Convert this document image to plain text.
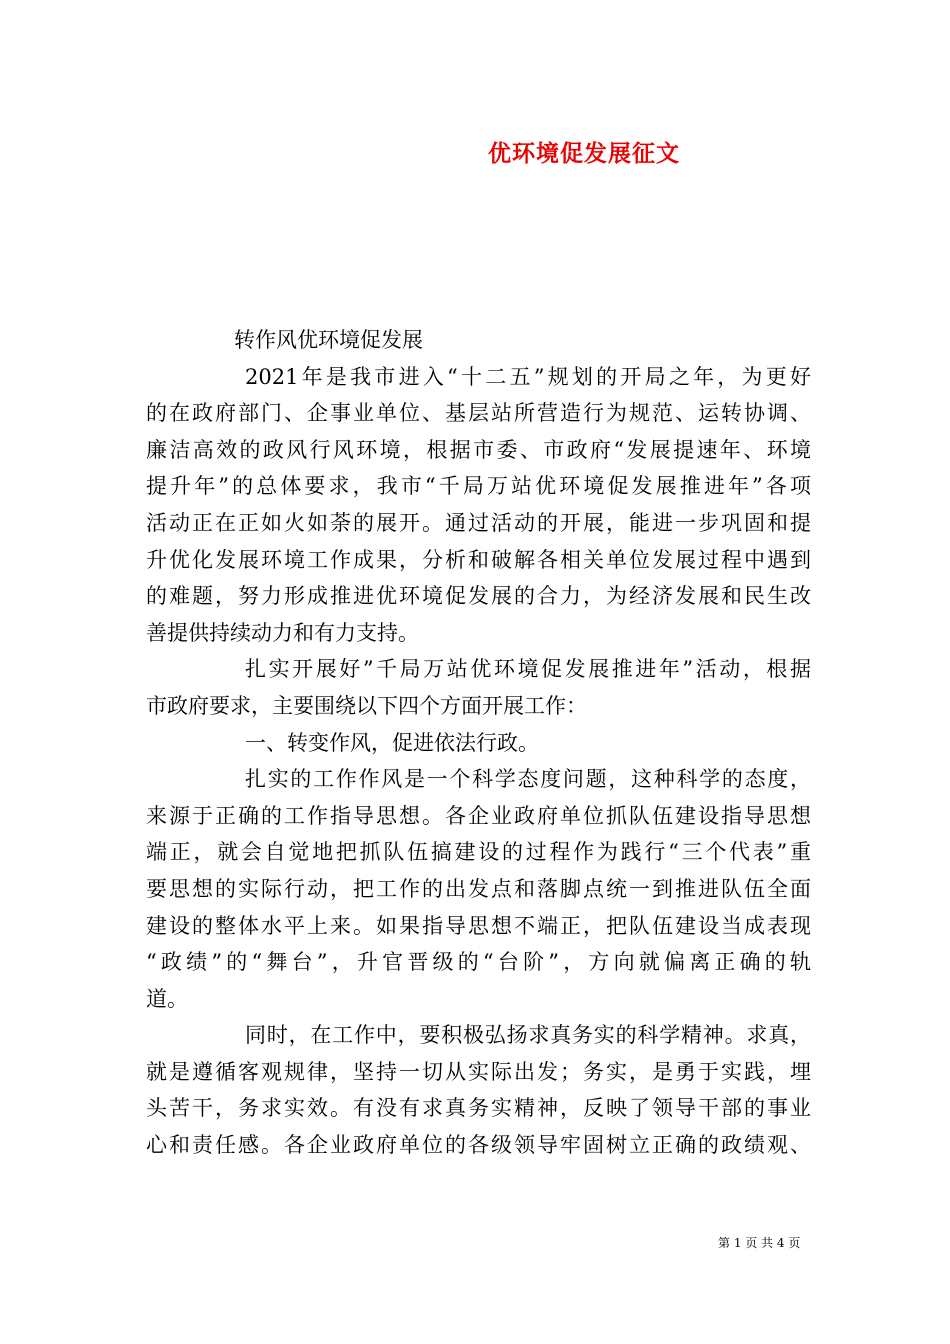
优环境促发展征文
转作风优环境促发展
2021年是我市进入“十二五”规划的开局之年，为更好
的在政府部门、企事业单位、基层站所营造行为规范、运转协调、
廉洁高效的政风行风环境，根据市委、市政府“发展提速年、环境
提升年”的总体要求，我市“千局万站优环境促发展推进年”各项
活动正在正如火如荼的展开。通过活动的开展，能进一步巩固和提
升优化发展环境工作成果，分析和破解各相关单位发展过程中遇到
的难题，努力形成推进优环境促发展的合力，为经济发展和民生改
善提供持续动力和有力支持。
扎实开展好”千局万站优环境促发展推进年”活动，根据
市政府要求，主要围绕以下四个方面开展工作：
一、转变作风，促进依法行政。
扎实的工作作风是一个科学态度问题，这种科学的态度，
来源于正确的工作指导思想。各企业政府单位抓队伍建设指导思想
端正，就会自觉地把抓队伍搞建设的过程作为践行“三个代表”重
要思想的实际行动，把工作的出发点和落脚点统一到推进队伍全面
建设的整体水平上来。如果指导思想不端正，把队伍建设当成表现
“政绩”的“舞台”，升官晋级的“台阶”，方向就偏离正确的轨
道。
同时，在工作中，要积极弘扬求真务实的科学精神。求真，
就是遵循客观规律，坚持一切从实际出发；务实，是勇于实践，埋
头苦干，务求实效。有没有求真务实精神，反映了领导干部的事业
心和责任感。各企业政府单位的各级领导牢固树立正确的政绩观、
第 1 页 共 4 页
